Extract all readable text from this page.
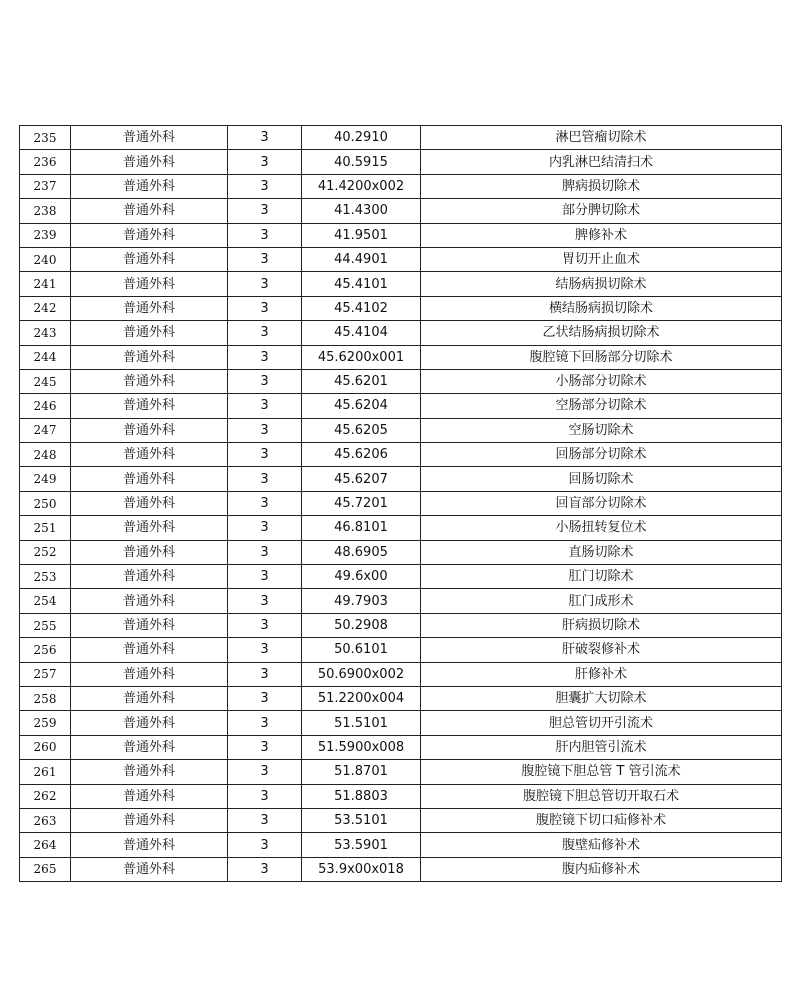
235	普通外科	3	40.2910	淋巴管瘤切除术
236	普通外科	3	40.5915	内乳淋巴结清扫术
237	普通外科	3	41.4200x002	脾病损切除术
238	普通外科	3	41.4300	部分脾切除术
239	普通外科	3	41.9501	脾修补术
240	普通外科	3	44.4901	胃切开止血术
241	普通外科	3	45.4101	结肠病损切除术
242	普通外科	3	45.4102	横结肠病损切除术
243	普通外科	3	45.4104	乙状结肠病损切除术
244	普通外科	3	45.6200x001	腹腔镜下回肠部分切除术
245	普通外科	3	45.6201	小肠部分切除术
246	普通外科	3	45.6204	空肠部分切除术
247	普通外科	3	45.6205	空肠切除术
248	普通外科	3	45.6206	回肠部分切除术
249	普通外科	3	45.6207	回肠切除术
250	普通外科	3	45.7201	回盲部分切除术
251	普通外科	3	46.8101	小肠扭转复位术
252	普通外科	3	48.6905	直肠切除术
253	普通外科	3	49.6x00	肛门切除术
254	普通外科	3	49.7903	肛门成形术
255	普通外科	3	50.2908	肝病损切除术
256	普通外科	3	50.6101	肝破裂修补术
257	普通外科	3	50.6900x002	肝修补术
258	普通外科	3	51.2200x004	胆囊扩大切除术
259	普通外科	3	51.5101	胆总管切开引流术
260	普通外科	3	51.5900x008	肝内胆管引流术
261	普通外科	3	51.8701	腹腔镜下胆总管 T 管引流术
262	普通外科	3	51.8803	腹腔镜下胆总管切开取石术
263	普通外科	3	53.5101	腹腔镜下切口疝修补术
264	普通外科	3	53.5901	腹壁疝修补术
265	普通外科	3	53.9x00x018	腹内疝修补术
